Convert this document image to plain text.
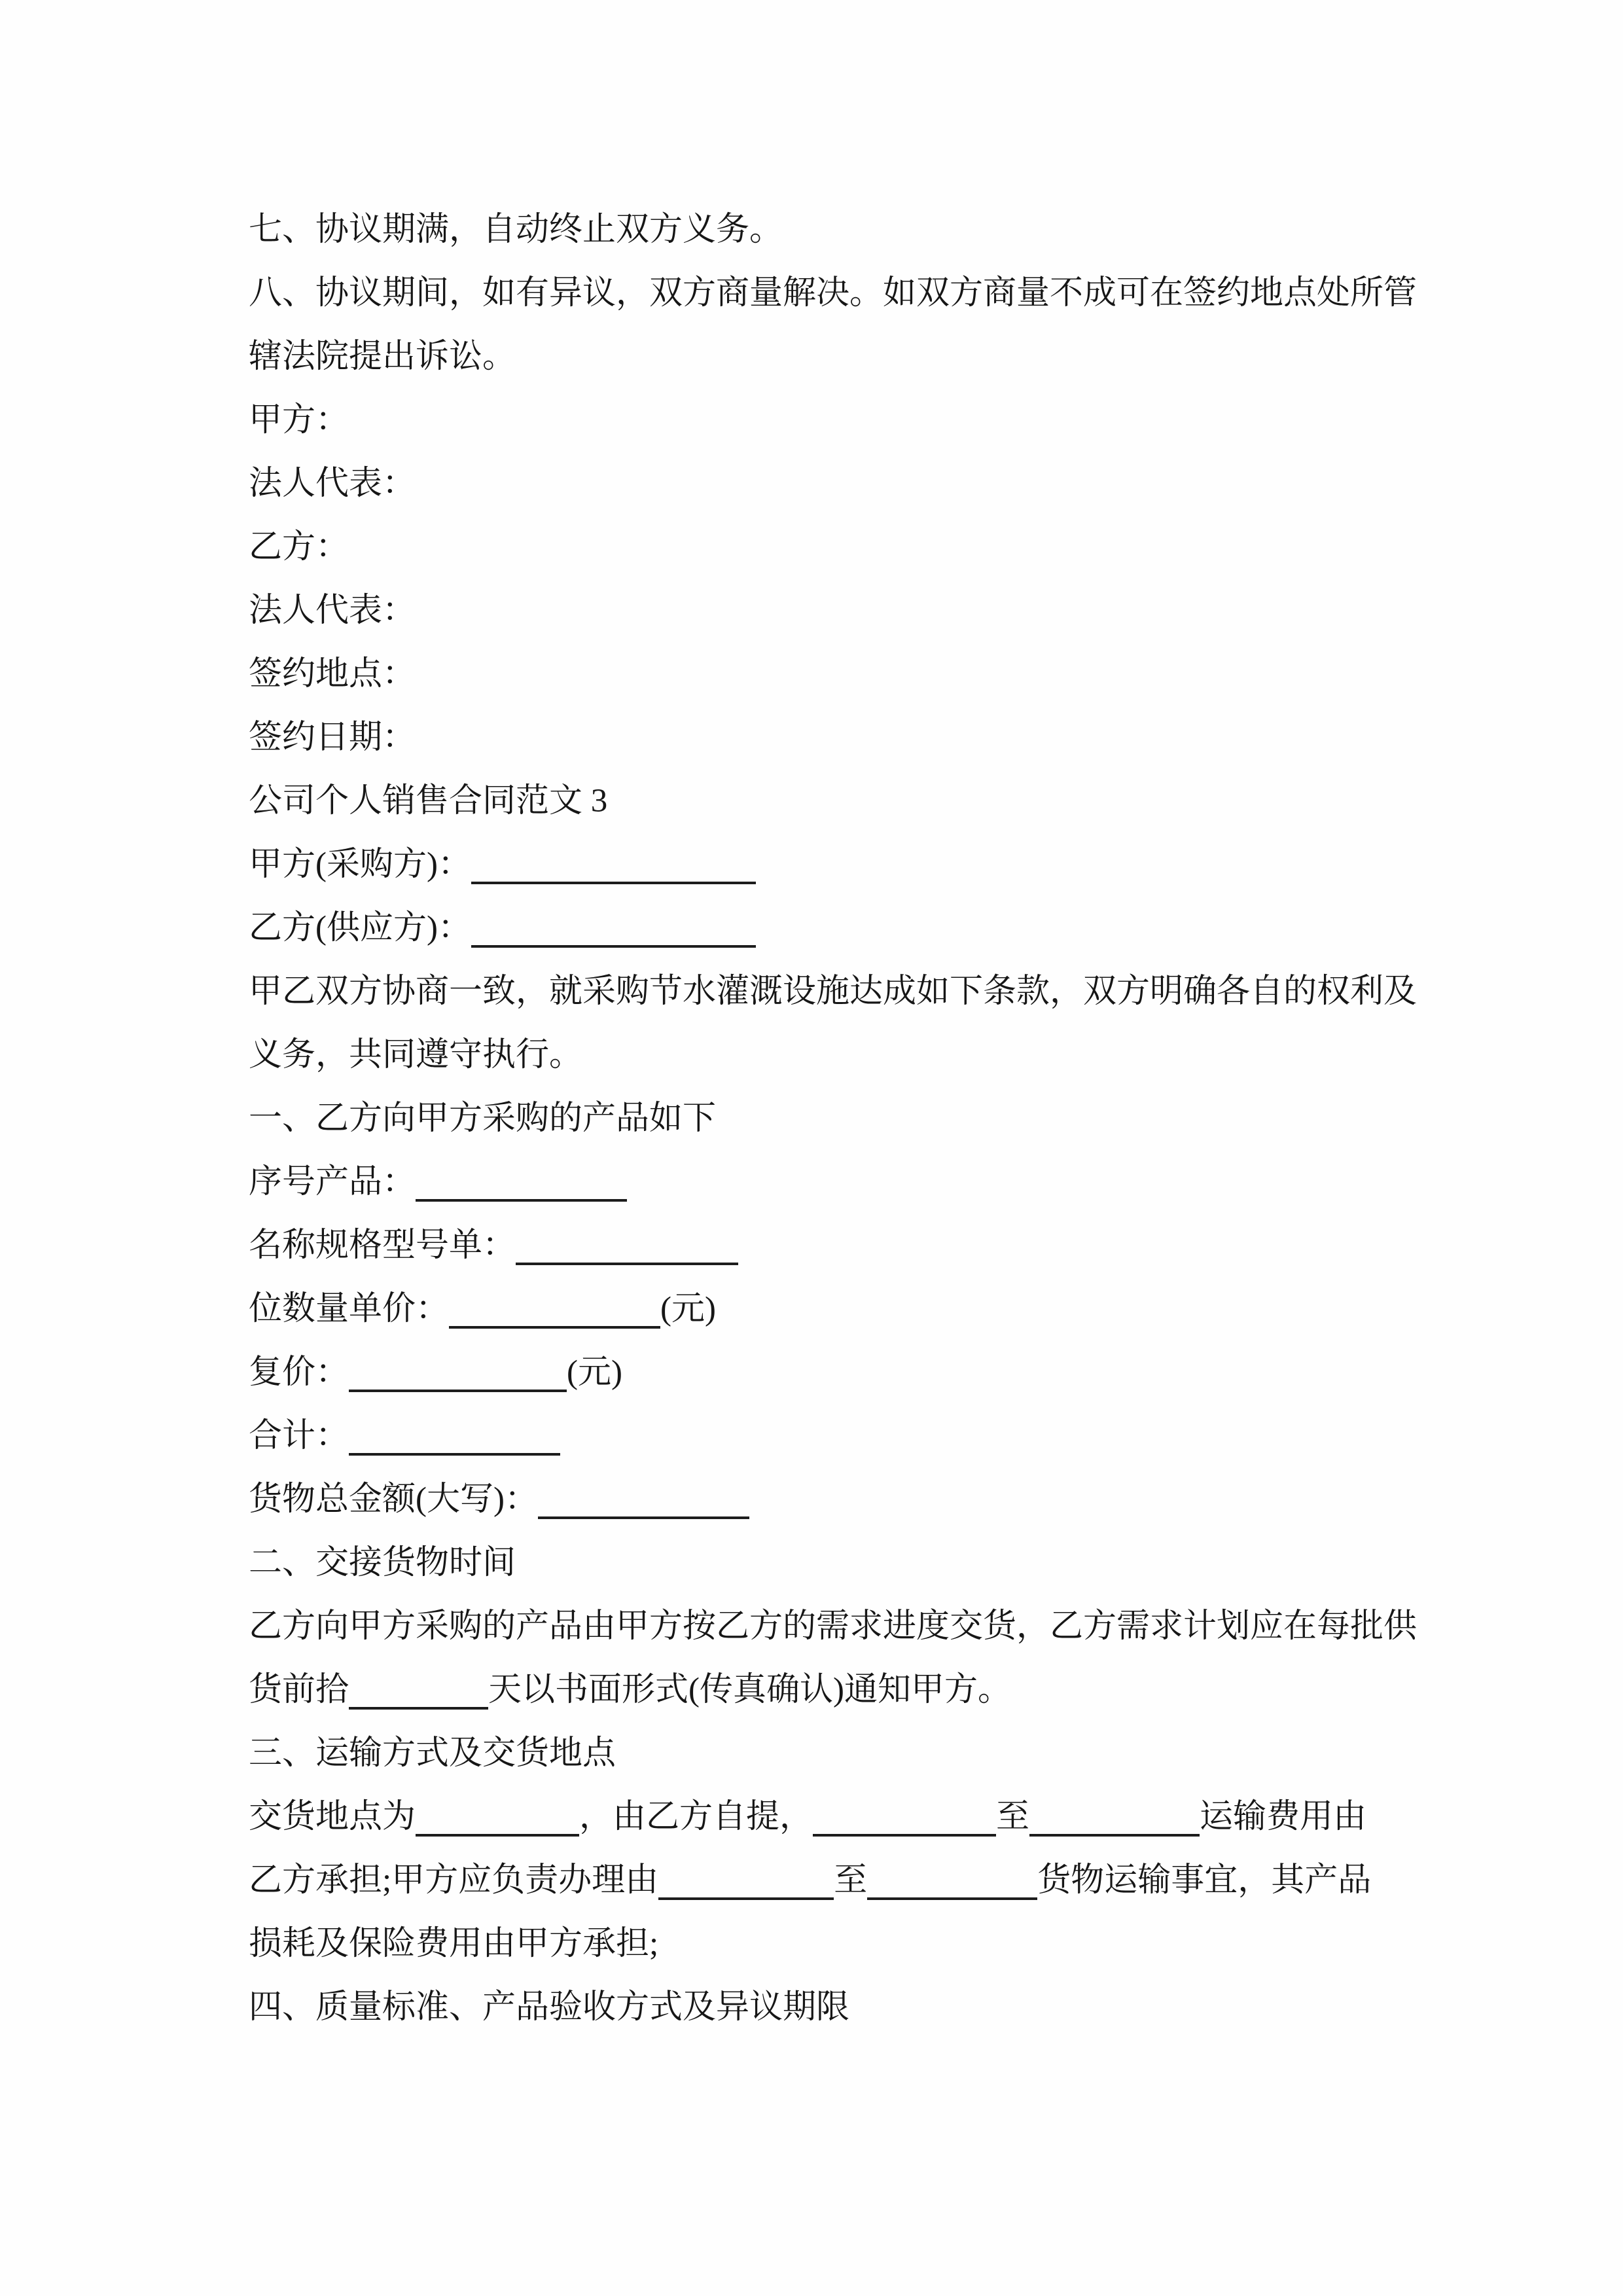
七、协议期满，自动终止双方义务。
八、协议期间，如有异议，双方商量解决。如双方商量不成可在签约地点处所管
辖法院提出诉讼。
甲方：
法人代表：
乙方：
法人代表：
签约地点：
签约日期：
公司个人销售合同范文 3
甲方(采购方)：
乙方(供应方)：
甲乙双方协商一致，就采购节水灌溉设施达成如下条款，双方明确各自的权利及
义务，共同遵守执行。
一、乙方向甲方采购的产品如下
序号产品：
名称规格型号单：
位数量单价：	(元)
复价：	(元)
合计：
货物总金额(大写)：
二、交接货物时间
乙方向甲方采购的产品由甲方按乙方的需求进度交货，乙方需求计划应在每批供
货前拾	天以书面形式(传真确认)通知甲方。
三、运输方式及交货地点
交货地点为	，由乙方自提，	至	运输费用由
乙方承担;甲方应负责办理由	至	货物运输事宜，其产品
损耗及保险费用由甲方承担;
四、质量标准、产品验收方式及异议期限
